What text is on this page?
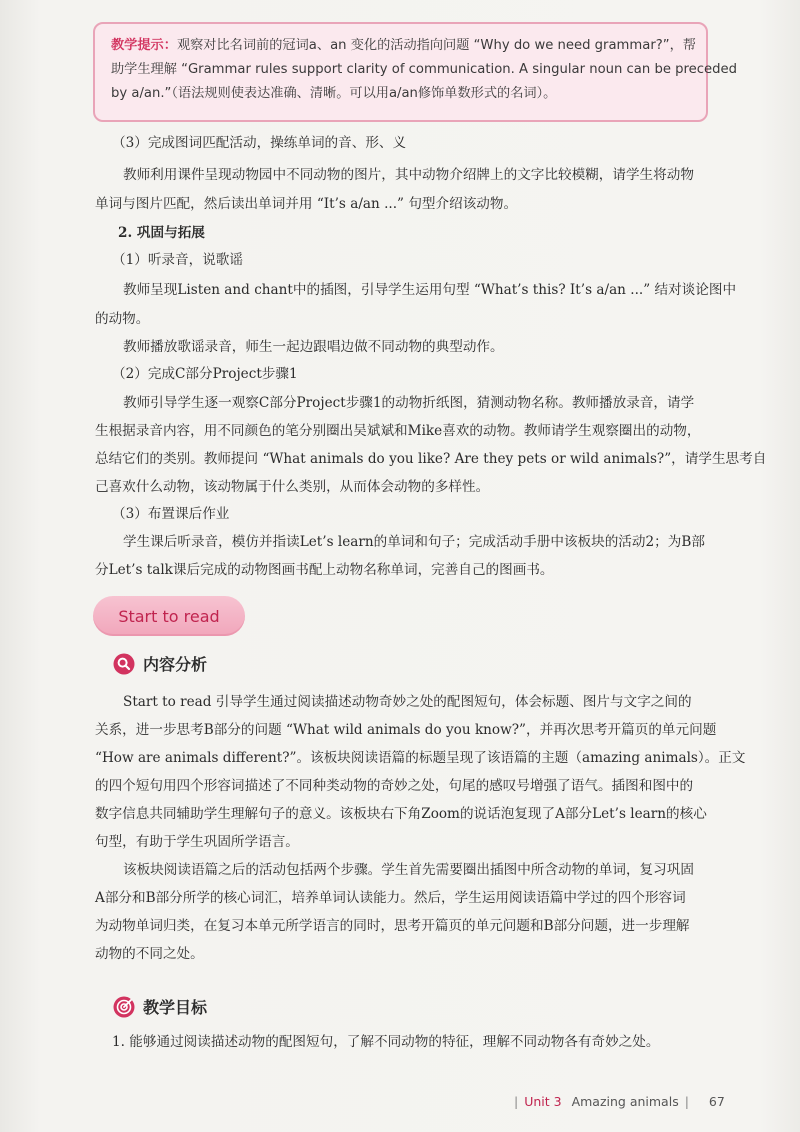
教学提示：观察对比名词前的冠词a、an 变化的活动指向问题 “Why do we need grammar?”，帮
助学生理解 “Grammar rules support clarity of communication. A singular noun can be preceded
by a/an.”（语法规则使表达准确、清晰。可以用a/an修饰单数形式的名词）。
（3）完成图词匹配活动，操练单词的音、形、义
教师利用课件呈现动物园中不同动物的图片，其中动物介绍牌上的文字比较模糊，请学生将动物
单词与图片匹配，然后读出单词并用 “It’s a/an ...” 句型介绍该动物。
2. 巩固与拓展
（1）听录音，说歌谣
教师呈现Listen and chant中的插图，引导学生运用句型 “What’s this? It’s a/an ...” 结对谈论图中
的动物。
教师播放歌谣录音，师生一起边跟唱边做不同动物的典型动作。
（2）完成C部分Project步骤1
教师引导学生逐一观察C部分Project步骤1的动物折纸图，猜测动物名称。教师播放录音，请学
生根据录音内容，用不同颜色的笔分别圈出吴斌斌和Mike喜欢的动物。教师请学生观察圈出的动物，
总结它们的类别。教师提问 “What animals do you like? Are they pets or wild animals?”，请学生思考自
己喜欢什么动物，该动物属于什么类别，从而体会动物的多样性。
（3）布置课后作业
学生课后听录音，模仿并指读Let’s learn的单词和句子；完成活动手册中该板块的活动2；为B部
分Let’s talk课后完成的动物图画书配上动物名称单词，完善自己的图画书。
Start to read
内容分析
Start to read 引导学生通过阅读描述动物奇妙之处的配图短句，体会标题、图片与文字之间的
关系，进一步思考B部分的问题 “What wild animals do you know?”，并再次思考开篇页的单元问题
“How are animals different?”。该板块阅读语篇的标题呈现了该语篇的主题（amazing animals）。正文
的四个短句用四个形容词描述了不同种类动物的奇妙之处，句尾的感叹号增强了语气。插图和图中的
数字信息共同辅助学生理解句子的意义。该板块右下角Zoom的说话泡复现了A部分Let’s learn的核心
句型，有助于学生巩固所学语言。
该板块阅读语篇之后的活动包括两个步骤。学生首先需要圈出插图中所含动物的单词，复习巩固
A部分和B部分所学的核心词汇，培养单词认读能力。然后，学生运用阅读语篇中学过的四个形容词
为动物单词归类，在复习本单元所学语言的同时，思考开篇页的单元问题和B部分问题，进一步理解
动物的不同之处。
教学目标
1. 能够通过阅读描述动物的配图短句，了解不同动物的特征，理解不同动物各有奇妙之处。
| Unit 3 Amazing animals | 67
